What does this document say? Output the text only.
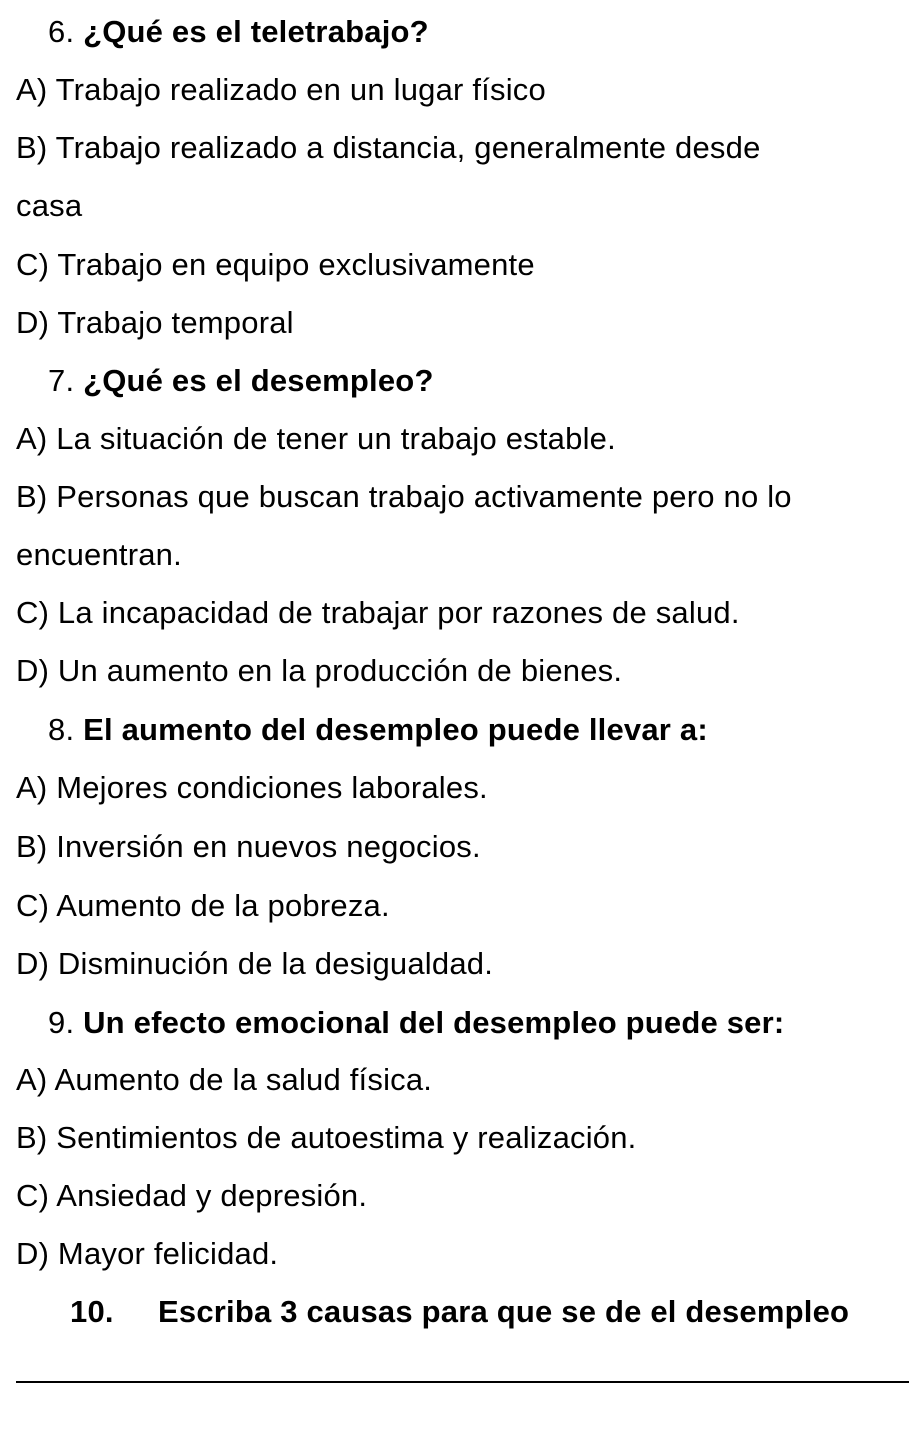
6. ¿Qué es el teletrabajo?
A) Trabajo realizado en un lugar físico
B) Trabajo realizado a distancia, generalmente desde
casa
C) Trabajo en equipo exclusivamente
D) Trabajo temporal
7. ¿Qué es el desempleo?
A) La situación de tener un trabajo estable.
B) Personas que buscan trabajo activamente pero no lo
encuentran.
C) La incapacidad de trabajar por razones de salud.
D) Un aumento en la producción de bienes.
8. El aumento del desempleo puede llevar a:
A) Mejores condiciones laborales.
B) Inversión en nuevos negocios.
C) Aumento de la pobreza.
D) Disminución de la desigualdad.
9. Un efecto emocional del desempleo puede ser:
A) Aumento de la salud física.
B) Sentimientos de autoestima y realización.
C) Ansiedad y depresión.
D) Mayor felicidad.
10. Escriba 3 causas para que se de el desempleo
